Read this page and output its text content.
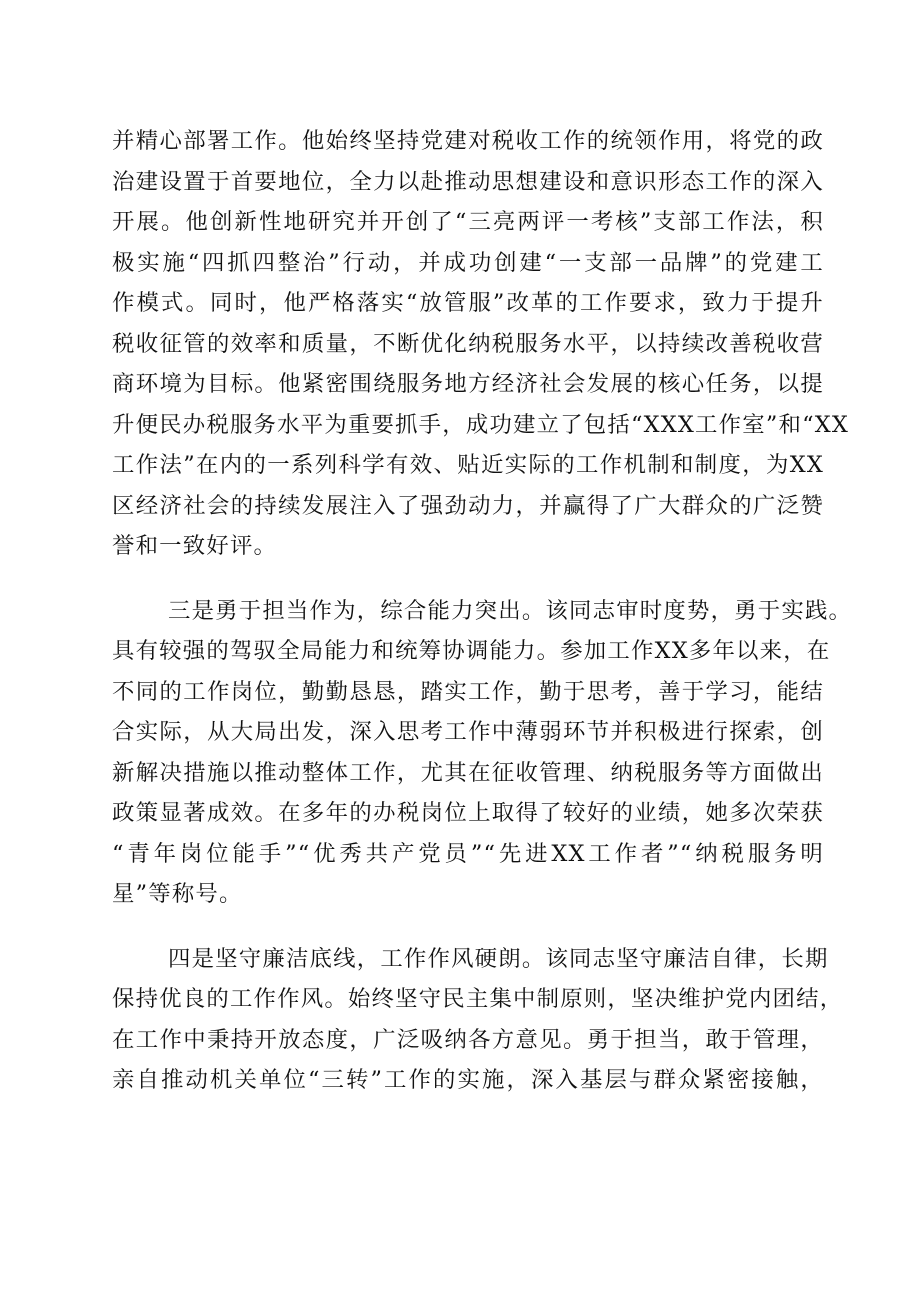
并精心部署工作。他始终坚持党建对税收工作的统领作用，将党的政
治建设置于首要地位，全力以赴推动思想建设和意识形态工作的深入
开展。他创新性地研究并开创了“三亮两评一考核”支部工作法，积
极实施“四抓四整治”行动，并成功创建“一支部一品牌”的党建工
作模式。同时，他严格落实“放管服”改革的工作要求，致力于提升
税收征管的效率和质量，不断优化纳税服务水平，以持续改善税收营
商环境为目标。他紧密围绕服务地方经济社会发展的核心任务，以提
升便民办税服务水平为重要抓手，成功建立了包括“XXX工作室”和“XX
工作法”在内的一系列科学有效、贴近实际的工作机制和制度，为XX
区经济社会的持续发展注入了强劲动力，并赢得了广大群众的广泛赞
誉和一致好评。
三是勇于担当作为，综合能力突出。该同志审时度势，勇于实践。
具有较强的驾驭全局能力和统筹协调能力。参加工作XX多年以来，在
不同的工作岗位，勤勤恳恳，踏实工作，勤于思考，善于学习，能结
合实际，从大局出发，深入思考工作中薄弱环节并积极进行探索，创
新解决措施以推动整体工作，尤其在征收管理、纳税服务等方面做出
政策显著成效。在多年的办税岗位上取得了较好的业绩，她多次荣获
“青年岗位能手”“优秀共产党员”“先进XX工作者”“纳税服务明
星”等称号。
四是坚守廉洁底线，工作作风硬朗。该同志坚守廉洁自律，长期
保持优良的工作作风。始终坚守民主集中制原则，坚决维护党内团结，
在工作中秉持开放态度，广泛吸纳各方意见。勇于担当，敢于管理，
亲自推动机关单位“三转”工作的实施，深入基层与群众紧密接触，
